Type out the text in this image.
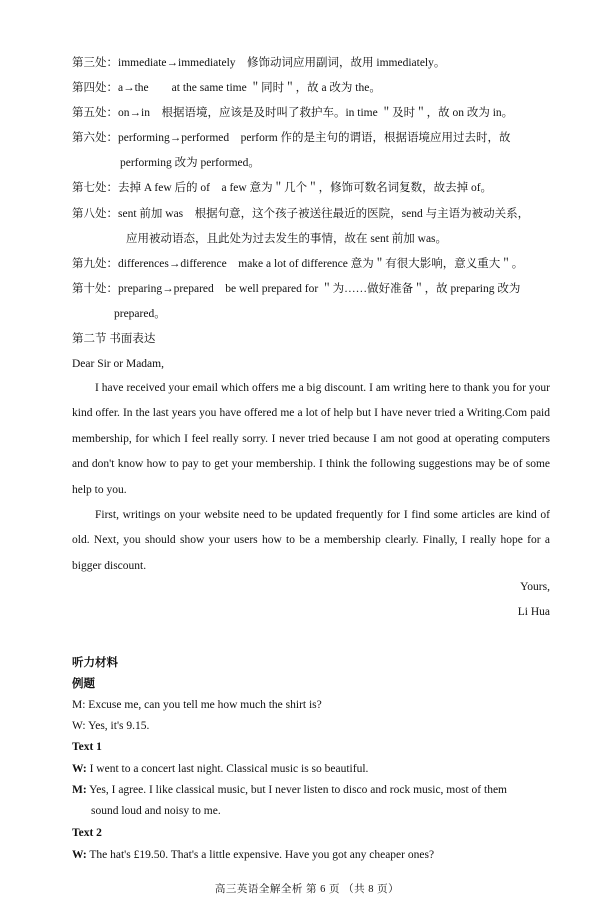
第三处：immediate→immediately　修饰动词应用副词，故用 immediately。
第四处：a→the　　at the same time ＂同时＂，故 a 改为 the。
第五处：on→in　根据语境，应该是及时叫了救护车。in time ＂及时＂，故 on 改为 in。
第六处：performing→performed　perform 作的是主句的谓语，根据语境应用过去时，故
performing 改为 performed。
第七处：去掉 A few 后的 of　a few 意为＂几个＂，修饰可数名词复数，故去掉 of。
第八处：sent 前加 was　根据句意，这个孩子被送往最近的医院，send 与主语为被动关系，
应用被动语态，且此处为过去发生的事情，故在 sent 前加 was。
第九处：differences→difference　make a lot of difference 意为＂有很大影响，意义重大＂。
第十处：preparing→prepared　be well prepared for ＂为……做好准备＂，故 preparing 改为
prepared。
第二节 书面表达
Dear Sir or Madam,

I have received your email which offers me a big discount. I am writing here to thank you for your kind offer. In the last years you have offered me a lot of help but I have never tried a Writing.Com paid membership, for which I feel really sorry. I never tried because I am not good at operating computers and don't know how to pay to get your membership. I think the following suggestions may be of some help to you.

First, writings on your website need to be updated frequently for I find some articles are kind of old. Next, you should show your users how to be a membership clearly. Finally, I really hope for a bigger discount.

Yours,
Li Hua
听力材料
例题
M: Excuse me, can you tell me how much the shirt is?
W: Yes, it's 9.15.
Text 1
W: I went to a concert last night. Classical music is so beautiful.
M: Yes, I agree. I like classical music, but I never listen to disco and rock music, most of them
sound loud and noisy to me.
Text 2
W: The hat's £19.50. That's a little expensive. Have you got any cheaper ones?
高三英语全解全析 第 6 页 （共 8 页）
